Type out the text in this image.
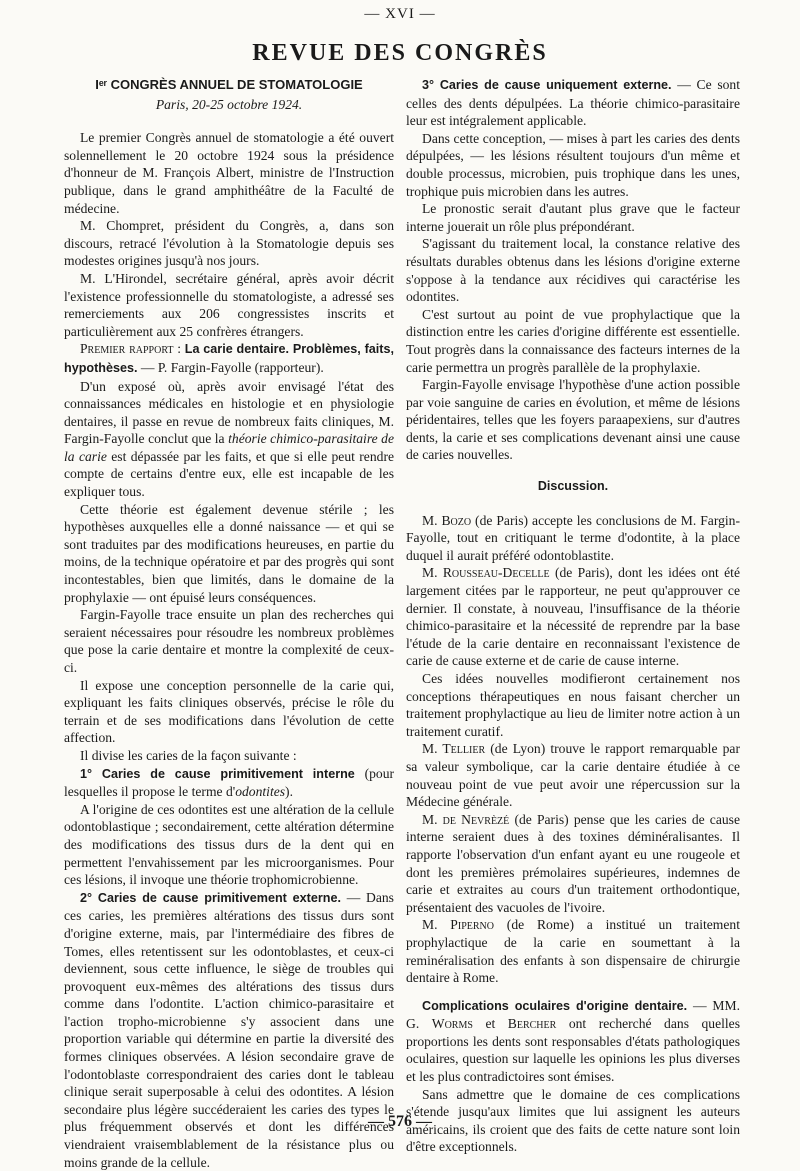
— XVI —
REVUE DES CONGRÈS

Iᵉʳ CONGRÈS ANNUEL DE STOMATOLOGIE

Paris, 20-25 octobre 1924.

Le premier Congrès annuel de stomatologie a été ouvert solennellement le 20 octobre 1924 sous la présidence d'honneur de M. François Albert, ministre de l'Instruction publique, dans le grand amphithéâtre de la Faculté de médecine.

M. Chompret, président du Congrès, a, dans son discours, retracé l'évolution à la Stomatologie depuis ses modestes origines jusqu'à nos jours.

M. L'Hirondel, secrétaire général, après avoir décrit l'existence professionnelle du stomatologiste, a adressé ses remerciements aux 206 congressistes inscrits et particulièrement aux 25 confrères étrangers.

Premier rapport : La carie dentaire. Problèmes, faits, hypothèses. — P. Fargin-Fayolle (rapporteur).

D'un exposé où, après avoir envisagé l'état des connaissances médicales en histologie et en physiologie dentaires, il passe en revue de nombreux faits cliniques, M. Fargin-Fayolle conclut que la théorie chimico-parasitaire de la carie est dépassée par les faits, et que si elle peut rendre compte de certains d'entre eux, elle est incapable de les expliquer tous.

Cette théorie est également devenue stérile ; les hypothèses auxquelles elle a donné naissance — et qui se sont traduites par des modifications heureuses, en partie du moins, de la technique opératoire et par des progrès qui sont incontestables, bien que limités, dans le domaine de la prophylaxie — ont épuisé leurs conséquences.

Fargin-Fayolle trace ensuite un plan des recherches qui seraient nécessaires pour résoudre les nombreux problèmes que pose la carie dentaire et montre la complexité de ceux-ci.

Il expose une conception personnelle de la carie qui, expliquant les faits cliniques observés, précise le rôle du terrain et de ses modifications dans l'évolution de cette affection.

Il divise les caries de la façon suivante :

1° Caries de cause primitivement interne (pour lesquelles il propose le terme d'odontites).

A l'origine de ces odontites est une altération de la cellule odontoblastique ; secondairement, cette altération détermine des modifications des tissus durs de la dent qui en permettent l'envahissement par les microorganismes. Pour ces lésions, il invoque une théorie trophomicrobienne.

2° Caries de cause primitivement externe. — Dans ces caries, les premières altérations des tissus durs sont d'origine externe, mais, par l'intermédiaire des fibres de Tomes, elles retentissent sur les odontoblastes, et ceux-ci deviennent, sous cette influence, le siège de troubles qui provoquent eux-mêmes des altérations des tissus durs comme dans l'odontite. L'action chimico-parasitaire et l'action tropho-microbienne s'y associent dans une proportion variable qui détermine en partie la diversité des formes cliniques observées. A lésion secondaire grave de l'odontoblaste correspondraient des caries dont le tableau clinique serait superposable à celui des odontites. A lésion secondaire plus légère succéderaient les caries des types le plus fréquemment observés et dont les différences viendraient vraisemblablement de la résistance plus ou moins grande de la cellule.

3° Caries de cause uniquement externe. — Ce sont celles des dents dépulpées. La théorie chimico-parasitaire leur est intégralement applicable.

Dans cette conception, — mises à part les caries des dents dépulpées, — les lésions résultent toujours d'un même et double processus, microbien, puis trophique dans les unes, trophique puis microbien dans les autres.

Le pronostic serait d'autant plus grave que le facteur interne jouerait un rôle plus prépondérant.

S'agissant du traitement local, la constance relative des résultats durables obtenus dans les lésions d'origine externe s'oppose à la tendance aux récidives qui caractérise les odontites.

C'est surtout au point de vue prophylactique que la distinction entre les caries d'origine différente est essentielle. Tout progrès dans la connaissance des facteurs internes de la carie permettra un progrès parallèle de la prophylaxie.

Fargin-Fayolle envisage l'hypothèse d'une action possible par voie sanguine de caries en évolution, et même de lésions péridentaires, telles que les foyers paraapexiens, sur d'autres dents, la carie et ses complications devenant ainsi une cause de caries nouvelles.

Discussion.

M. Bozo (de Paris) accepte les conclusions de M. Fargin-Fayolle, tout en critiquant le terme d'odontite, à la place duquel il aurait préféré odontoblastite.

M. Rousseau-Decelle (de Paris), dont les idées ont été largement citées par le rapporteur, ne peut qu'approuver ce dernier. Il constate, à nouveau, l'insuffisance de la théorie chimico-parasitaire et la nécessité de reprendre par la base l'étude de la carie dentaire en reconnaissant l'existence de carie de cause externe et de carie de cause interne.

Ces idées nouvelles modifieront certainement nos conceptions thérapeutiques en nous faisant chercher un traitement prophylactique au lieu de limiter notre action à un traitement curatif.

M. Tellier (de Lyon) trouve le rapport remarquable par sa valeur symbolique, car la carie dentaire étudiée à ce nouveau point de vue peut avoir une répercussion sur la Médecine générale.

M. de Nevrèzé (de Paris) pense que les caries de cause interne seraient dues à des toxines déminéralisantes. Il rapporte l'observation d'un enfant ayant eu une rougeole et dont les premières prémolaires supérieures, indemnes de carie et extraites au cours d'un traitement orthodontique, présentaient des vacuoles de l'ivoire.

M. Piperno (de Rome) a institué un traitement prophylactique de la carie en soumettant à la reminéralisation des enfants à son dispensaire de chirurgie dentaire à Rome.

Complications oculaires d'origine dentaire. — MM. G. Worms et Bercher ont recherché dans quelles proportions les dents sont responsables d'états pathologiques oculaires, question sur laquelle les opinions les plus diverses et les plus contradictoires sont émises.

Sans admettre que le domaine de ces complications s'étende jusqu'aux limites que lui assignent les auteurs américains, ils croient que des faits de cette nature sont loin d'être exceptionnels.

— 576 —
